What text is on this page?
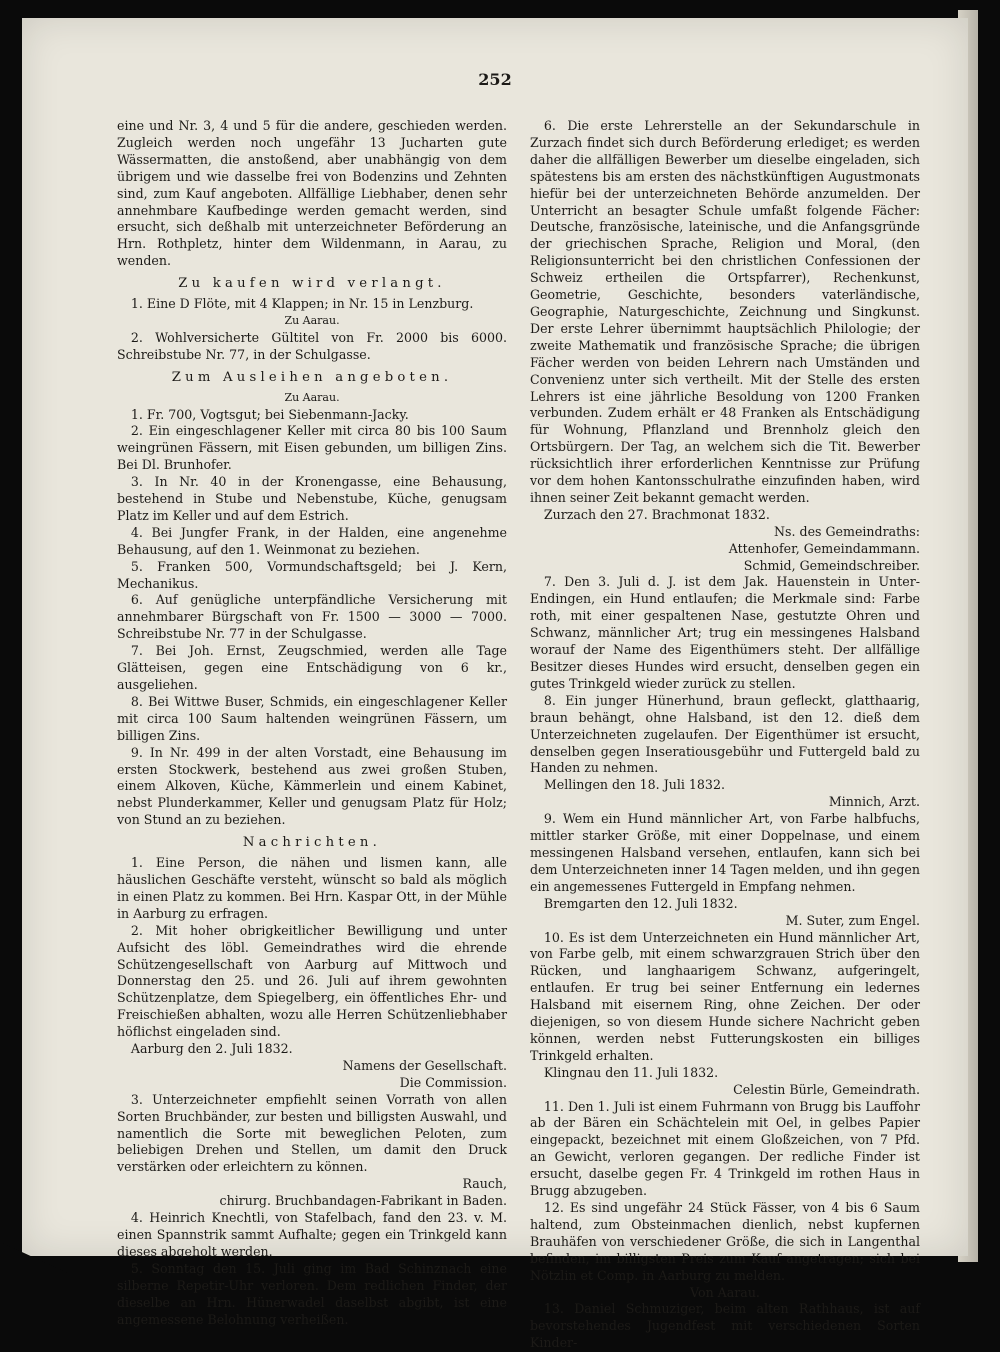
252

eine und Nr. 3, 4 und 5 für die andere, geschieden werden. Zugleich werden noch ungefähr 13 Jucharten gute Wässermatten, die anstoßend, aber unabhängig von dem übrigem und wie dasselbe frei von Bodenzins und Zehnten sind, zum Kauf angeboten. Allfällige Liebhaber, denen sehr annehmbare Kaufbedinge werden gemacht werden, sind ersucht, sich deßhalb mit unterzeichneter Beförderung an Hrn. Rothpletz, hinter dem Wildenmann, in Aarau, zu wenden.

Zu kaufen wird verlangt.

1. Eine D Flöte, mit 4 Klappen; in Nr. 15 in Lenzburg.

Zu Aarau.

2. Wohlversicherte Gültitel von Fr. 2000 bis 6000. Schreibstube Nr. 77, in der Schulgasse.

Zum Ausleihen angeboten.

Zu Aarau.

1. Fr. 700, Vogtsgut; bei Siebenmann-Jacky.

2. Ein eingeschlagener Keller mit circa 80 bis 100 Saum weingrünen Fässern, mit Eisen gebunden, um billigen Zins. Bei Dl. Brunhofer.

3. In Nr. 40 in der Kronengasse, eine Behausung, bestehend in Stube und Nebenstube, Küche, genugsam Platz im Keller und auf dem Estrich.

4. Bei Jungfer Frank, in der Halden, eine angenehme Behausung, auf den 1. Weinmonat zu beziehen.

5. Franken 500, Vormundschaftsgeld; bei J. Kern, Mechanikus.

6. Auf genügliche unterpfändliche Versicherung mit annehmbarer Bürgschaft von Fr. 1500 — 3000 — 7000. Schreibstube Nr. 77 in der Schulgasse.

7. Bei Joh. Ernst, Zeugschmied, werden alle Tage Glätteisen, gegen eine Entschädigung von 6 kr., ausgeliehen.

8. Bei Wittwe Buser, Schmids, ein eingeschlagener Keller mit circa 100 Saum haltenden weingrünen Fässern, um billigen Zins.

9. In Nr. 499 in der alten Vorstadt, eine Behausung im ersten Stockwerk, bestehend aus zwei großen Stuben, einem Alkoven, Küche, Kämmerlein und einem Kabinet, nebst Plunderkammer, Keller und genugsam Platz für Holz; von Stund an zu beziehen.

Nachrichten.

1. Eine Person, die nähen und lismen kann, alle häuslichen Geschäfte versteht, wünscht so bald als möglich in einen Platz zu kommen. Bei Hrn. Kaspar Ott, in der Mühle in Aarburg zu erfragen.

2. Mit hoher obrigkeitlicher Bewilligung und unter Aufsicht des löbl. Gemeindrathes wird die ehrende Schützengesellschaft von Aarburg auf Mittwoch und Donnerstag den 25. und 26. Juli auf ihrem gewohnten Schützenplatze, dem Spiegelberg, ein öffentliches Ehr- und Freischießen abhalten, wozu alle Herren Schützenliebhaber höflichst eingeladen sind.

Aarburg den 2. Juli 1832.

Namens der Gesellschaft.

Die Commission.

3. Unterzeichneter empfiehlt seinen Vorrath von allen Sorten Bruchbänder, zur besten und billigsten Auswahl, und namentlich die Sorte mit beweglichen Peloten, zum beliebigen Drehen und Stellen, um damit den Druck verstärken oder erleichtern zu können.

Rauch,

chirurg. Bruchbandagen-Fabrikant in Baden.

4. Heinrich Knechtli, von Stafelbach, fand den 23. v. M. einen Spannstrik sammt Aufhalte; gegen ein Trinkgeld kann dieses abgeholt werden.

5. Sonntag den 15. Juli ging im Bad Schinznach eine silberne Repetir-Uhr verloren. Dem redlichen Finder, der dieselbe an Hrn. Hünerwadel daselbst abgibt, ist eine angemessene Belohnung verheißen.

6. Die erste Lehrerstelle an der Sekundarschule in Zurzach findet sich durch Beförderung erlediget; es werden daher die allfälligen Bewerber um dieselbe eingeladen, sich spätestens bis am ersten des nächstkünftigen Augustmonats hiefür bei der unterzeichneten Behörde anzumelden. Der Unterricht an besagter Schule umfaßt folgende Fächer: Deutsche, französische, lateinische, und die Anfangsgründe der griechischen Sprache, Religion und Moral, (den Religionsunterricht bei den christlichen Confessionen der Schweiz ertheilen die Ortspfarrer), Rechenkunst, Geometrie, Geschichte, besonders vaterländische, Geographie, Naturgeschichte, Zeichnung und Singkunst. Der erste Lehrer übernimmt hauptsächlich Philologie; der zweite Mathematik und französische Sprache; die übrigen Fächer werden von beiden Lehrern nach Umständen und Convenienz unter sich vertheilt. Mit der Stelle des ersten Lehrers ist eine jährliche Besoldung von 1200 Franken verbunden. Zudem erhält er 48 Franken als Entschädigung für Wohnung, Pflanzland und Brennholz gleich den Ortsbürgern. Der Tag, an welchem sich die Tit. Bewerber rücksichtlich ihrer erforderlichen Kenntnisse zur Prüfung vor dem hohen Kantonsschulrathe einzufinden haben, wird ihnen seiner Zeit bekannt gemacht werden.

Zurzach den 27. Brachmonat 1832.

Ns. des Gemeindraths:

Attenhofer, Gemeindammann.

Schmid, Gemeindschreiber.

7. Den 3. Juli d. J. ist dem Jak. Hauenstein in Unter-Endingen, ein Hund entlaufen; die Merkmale sind: Farbe roth, mit einer gespaltenen Nase, gestutzte Ohren und Schwanz, männlicher Art; trug ein messingenes Halsband worauf der Name des Eigenthümers steht. Der allfällige Besitzer dieses Hundes wird ersucht, denselben gegen ein gutes Trinkgeld wieder zurück zu stellen.

8. Ein junger Hünerhund, braun gefleckt, glatthaarig, braun behängt, ohne Halsband, ist den 12. dieß dem Unterzeichneten zugelaufen. Der Eigenthümer ist ersucht, denselben gegen Inseratiousgebühr und Futtergeld bald zu Handen zu nehmen.

Mellingen den 18. Juli 1832.

Minnich, Arzt.

9. Wem ein Hund männlicher Art, von Farbe halbfuchs, mittler starker Größe, mit einer Doppelnase, und einem messingenen Halsband versehen, entlaufen, kann sich bei dem Unterzeichneten inner 14 Tagen melden, und ihn gegen ein angemessenes Futtergeld in Empfang nehmen.

Bremgarten den 12. Juli 1832.

M. Suter, zum Engel.

10. Es ist dem Unterzeichneten ein Hund männlicher Art, von Farbe gelb, mit einem schwarzgrauen Strich über den Rücken, und langhaarigem Schwanz, aufgeringelt, entlaufen. Er trug bei seiner Entfernung ein ledernes Halsband mit eisernem Ring, ohne Zeichen. Der oder diejenigen, so von diesem Hunde sichere Nachricht geben können, werden nebst Futterungskosten ein billiges Trinkgeld erhalten.

Klingnau den 11. Juli 1832.

Celestin Bürle, Gemeindrath.

11. Den 1. Juli ist einem Fuhrmann von Brugg bis Lauffohr ab der Bären ein Schächtelein mit Oel, in gelbes Papier eingepackt, bezeichnet mit einem Gloßzeichen, von 7 Pfd. an Gewicht, verloren gegangen. Der redliche Finder ist ersucht, daselbe gegen Fr. 4 Trinkgeld im rothen Haus in Brugg abzugeben.

12. Es sind ungefähr 24 Stück Fässer, von 4 bis 6 Saum haltend, zum Obsteinmachen dienlich, nebst kupfernen Brauhäfen von verschiedener Größe, die sich in Langenthal befinden, im billigsten Preis zum Kauf angetragen; sich bei Nötzlin et Comp. in Aarburg zu melden.

Von Aarau.

13. Daniel Schmuziger, beim alten Rathhaus, ist auf bevorstehendes Jugendfest mit verschiedenen Sorten Kinder-
